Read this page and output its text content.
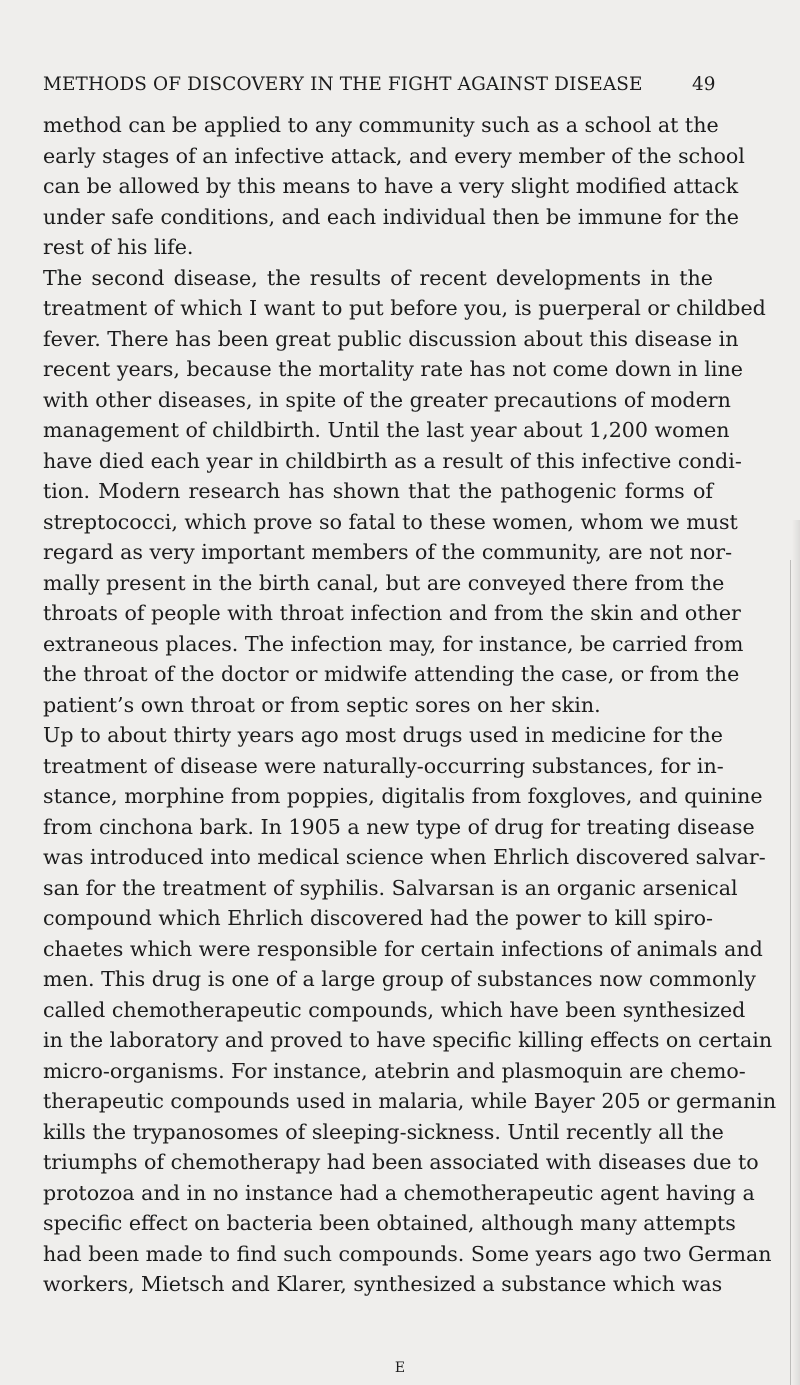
METHODS OF DISCOVERY IN THE FIGHT AGAINST DISEASE	49
method can be applied to any community such as a school at the
early stages of an infective attack, and every member of the school
can be allowed by this means to have a very slight modified attack
under safe conditions, and each individual then be immune for the
rest of his life.
The second disease, the results of recent developments in the
treatment of which I want to put before you, is puerperal or childbed
fever. There has been great public discussion about this disease in
recent years, because the mortality rate has not come down in line
with other diseases, in spite of the greater precautions of modern
management of childbirth. Until the last year about 1,200 women
have died each year in childbirth as a result of this infective condi-
tion. Modern research has shown that the pathogenic forms of
streptococci, which prove so fatal to these women, whom we must
regard as very important members of the community, are not nor-
mally present in the birth canal, but are conveyed there from the
throats of people with throat infection and from the skin and other
extraneous places. The infection may, for instance, be carried from
the throat of the doctor or midwife attending the case, or from the
patient’s own throat or from septic sores on her skin.
Up to about thirty years ago most drugs used in medicine for the
treatment of disease were naturally-occurring substances, for in-
stance, morphine from poppies, digitalis from foxgloves, and quinine
from cinchona bark. In 1905 a new type of drug for treating disease
was introduced into medical science when Ehrlich discovered salvar-
san for the treatment of syphilis. Salvarsan is an organic arsenical
compound which Ehrlich discovered had the power to kill spiro-
chaetes which were responsible for certain infections of animals and
men. This drug is one of a large group of substances now commonly
called chemotherapeutic compounds, which have been synthesized
in the laboratory and proved to have specific killing effects on certain
micro-organisms. For instance, atebrin and plasmoquin are chemo-
therapeutic compounds used in malaria, while Bayer 205 or germanin
kills the trypanosomes of sleeping-sickness. Until recently all the
triumphs of chemotherapy had been associated with diseases due to
protozoa and in no instance had a chemotherapeutic agent having a
specific effect on bacteria been obtained, although many attempts
had been made to find such compounds. Some years ago two German
workers, Mietsch and Klarer, synthesized a substance which was
E
